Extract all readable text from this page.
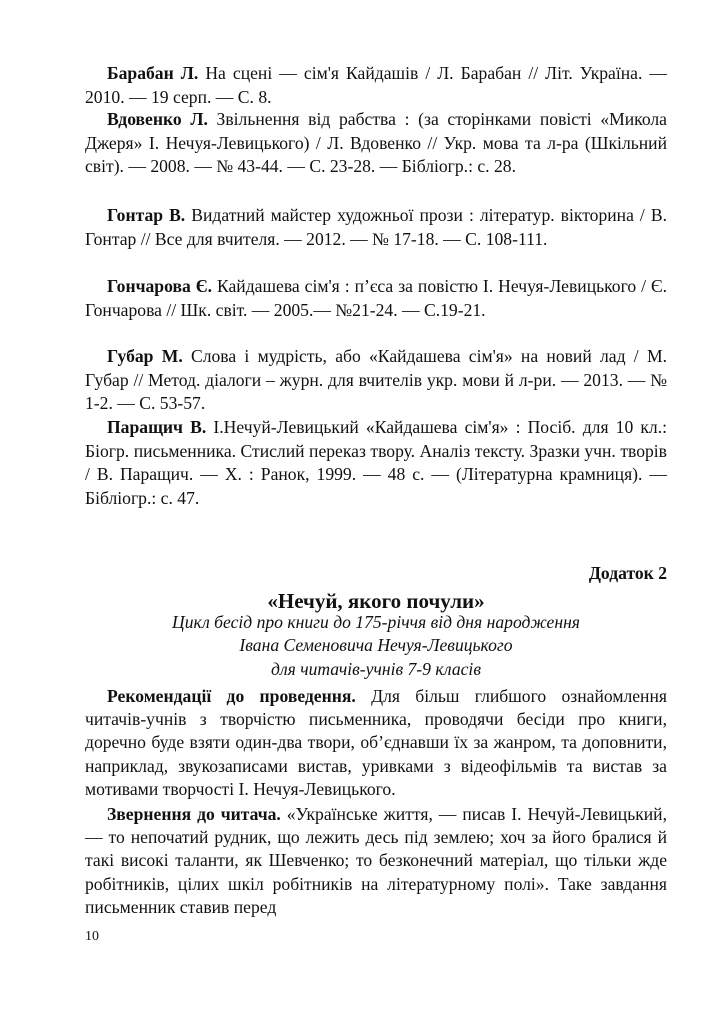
Барабан Л. На сцені — сім'я Кайдашів / Л. Барабан // Літ. Україна. — 2010. — 19 серп. — С. 8.
Вдовенко Л. Звільнення від рабства : (за сторінками повісті «Микола Джеря» І. Нечуя-Левицького) / Л. Вдовенко // Укр. мова та л-ра (Шкільний світ). — 2008. — № 43-44. — С. 23-28. — Бібліогр.: с. 28.
Гонтар В. Видатний майстер художньої прози : літератур. вікторина / В. Гонтар // Все для вчителя. — 2012. — № 17-18. — С. 108-111.
Гончарова Є. Кайдашева сім'я : п’єса за повістю І. Нечуя-Левицького / Є. Гончарова // Шк. світ. — 2005.— №21-24. — С.19-21.
Губар М. Слова і мудрість, або «Кайдашева сім'я» на новий лад / М. Губар // Метод. діалоги – журн. для вчителів укр. мови й л-ри. — 2013. — № 1-2. — С. 53-57.
Паращич В. І.Нечуй-Левицький «Кайдашева сім'я» : Посіб. для 10 кл.: Біогр. письменника. Стислий переказ твору. Аналіз тексту. Зразки учн. творів / В. Паращич. — Х. : Ранок, 1999. — 48 с. — (Літературна крамниця). — Бібліогр.: с. 47.
Додаток 2
«Нечуй, якого почули»
Цикл бесід про книги до 175-річчя від дня народження
Івана Семеновича Нечуя-Левицького
для читачів-учнів 7-9 класів
Рекомендації до проведення. Для більш глибшого ознайомлення читачів-учнів з творчістю письменника, проводячи бесіди про книги, доречно буде взяти один-два твори, об’єднавши їх за жанром, та доповнити, наприклад, звукозаписами вистав, уривками з відеофільмів та вистав за мотивами творчості І. Нечуя-Левицького.
Звернення до читача. «Українське життя, — писав І. Нечуй-Левицький, — то непочатий рудник, що лежить десь під землею; хоч за його бралися й такі високі таланти, як Шевченко; то безконечний матеріал, що тільки жде робітників, цілих шкіл робітників на літературному полі». Таке завдання письменник ставив перед
10
